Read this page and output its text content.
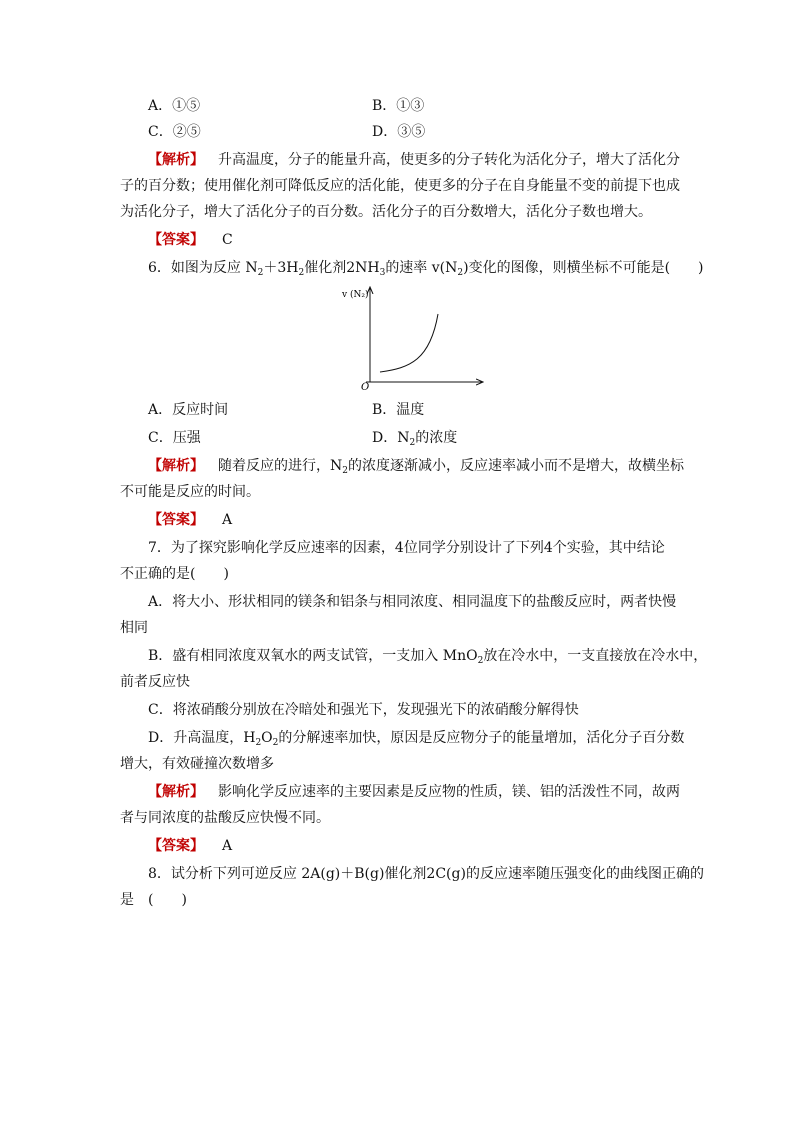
A．①⑤	B．①③
C．②⑤	D．③⑤
【解析】 升高温度，分子的能量升高，使更多的分子转化为活化分子，增大了活化分
子的百分数；使用催化剂可降低反应的活化能，使更多的分子在自身能量不变的前提下也成
为活化分子，增大了活化分子的百分数。活化分子的百分数增大，活化分子数也增大。
【答案】 C
6．如图为反应 $N_2+3H_2$催化剂$2NH_3$的速率 $v(N_2)$变化的图像，则横坐标不可能是(　　)
v (N₂)
O
A．反应时间	B．温度
C．压强	D．$N_2$的浓度
【解析】 随着反应的进行，$N_2$的浓度逐渐减小，反应速率减小而不是增大，故横坐标
不可能是反应的时间。
【答案】 A
7．为了探究影响化学反应速率的因素，4位同学分别设计了下列4个实验，其中结论
不正确的是(　　)
A．将大小、形状相同的镁条和铝条与相同浓度、相同温度下的盐酸反应时，两者快慢
相同
B．盛有相同浓度双氧水的两支试管，一支加入 MnO$_2$放在冷水中，一支直接放在冷水中，
前者反应快
C．将浓硝酸分别放在冷暗处和强光下，发现强光下的浓硝酸分解得快
D．升高温度，$H_2O_2$的分解速率加快，原因是反应物分子的能量增加，活化分子百分数
增大，有效碰撞次数增多
【解析】 影响化学反应速率的主要因素是反应物的性质，镁、铝的活泼性不同，故两
者与同浓度的盐酸反应快慢不同。
【答案】 A
8．试分析下列可逆反应 2A(g)＋B(g)催化剂2C(g)的反应速率随压强变化的曲线图正确的
是　(　　)
